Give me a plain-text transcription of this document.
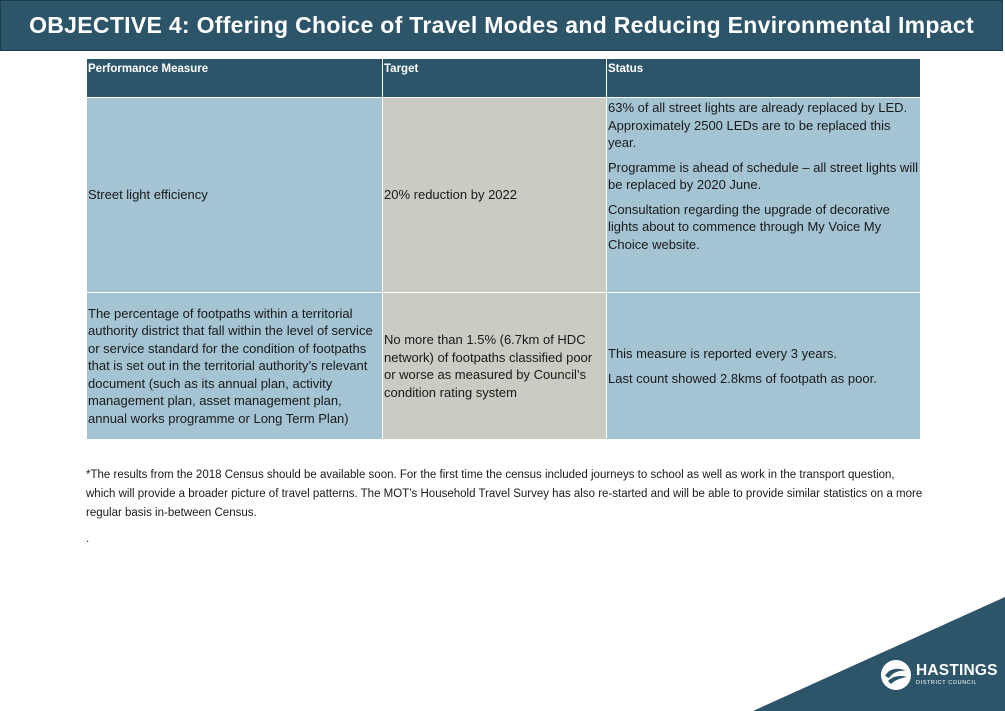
OBJECTIVE 4: Offering Choice of Travel Modes and Reducing Environmental Impact
Performance Measure	Target	Status
Street light efficiency	20% reduction by 2022	63% of all street lights are already replaced by LED. Approximately 2500 LEDs are to be replaced this year.

Programme is ahead of schedule – all street lights will be replaced by 2020 June.

Consultation regarding the upgrade of decorative lights about to commence through My Voice My Choice website.

The percentage of footpaths within a territorial authority district that fall within the level of service or service standard for the condition of footpaths that is set out in the territorial authority’s relevant document (such as its annual plan, activity management plan, asset management plan, annual works programme or Long Term Plan)	No more than 1.5% (6.7km of HDC network) of footpaths classified poor or worse as measured by Council’s condition rating system	This measure is reported every 3 years.

Last count showed 2.8kms of footpath as poor.

*The results from the 2018 Census should be available soon. For the first time the census included journeys to school as well as work in the transport question, which will provide a broader picture of travel patterns. The MOT’s Household Travel Survey has also re-started and will be able to provide similar statistics on a more regular basis in-between Census.

.
HASTINGS
DISTRICT COUNCIL
